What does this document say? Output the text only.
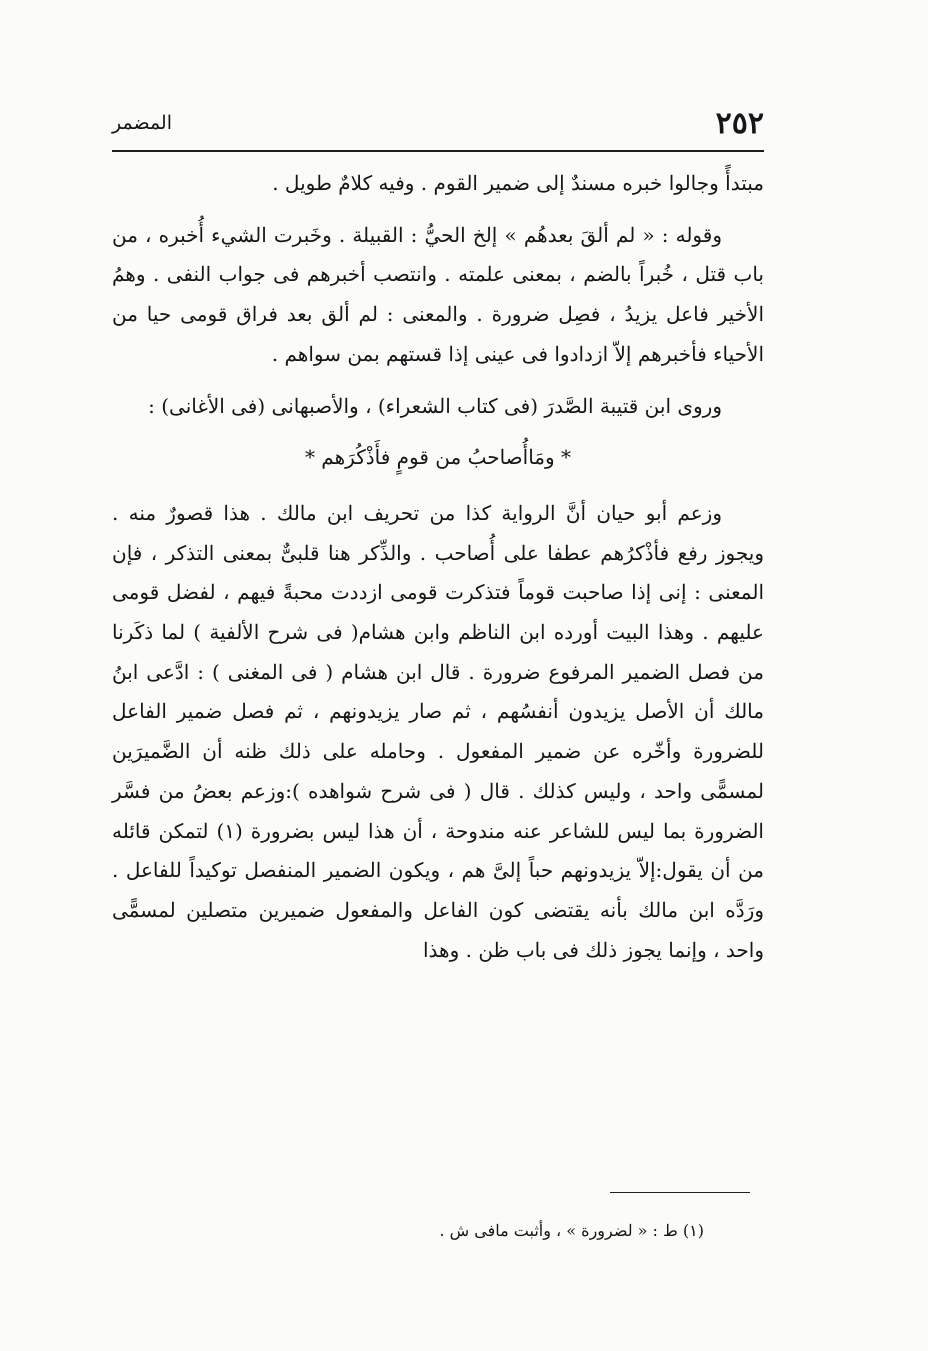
٢٥٢
المضمر

مبتدأً وجالوا خبره مسندٌ إلى ضمير القوم . وفيه كلامٌ طويل .

وقوله : « لم ألقَ بعدهُم » إلخ الحيُّ : القبيلة . وخَبرت الشيء أُخبره ، من باب قتل ، خُبراً بالضم ، بمعنى علمته . وانتصب أخبرهم فى جواب النفى . وهمُ الأخير فاعل يزيدُ ، فصِل ضرورة . والمعنى : لم ألق بعد فراق قومى حيا من الأحياء فأخبرهم إلاّ ازدادوا فى عينى إذا قستهم بمن سواهم .

وروى ابن قتيبة الصَّدرَ (فى كتاب الشعراء) ، والأصبهانى (فى الأغانى) :

* ومَاأُصاحبُ من قومٍ فأَذْكُرَهم *

وزعم أبو حيان أنَّ الرواية كذا من تحريف ابن مالك . هذا قصورٌ منه . ويجوز رفع فأذْكرُهم عطفا على أُصاحب . والذِّكر هنا قلبىٌّ بمعنى التذكر ، فإن المعنى : إنى إذا صاحبت قوماً فتذكرت قومى ازددت محبةً فيهم ، لفضل قومى عليهم . وهذا البيت أورده ابن الناظم وابن هشام( فى شرح الألفية ) لما ذكَرنا من فصل الضمير المرفوع ضرورة . قال ابن هشام ( فى المغنى ) : ادَّعى ابنُ مالك أن الأصل يزيدون أنفسُهم ، ثم صار يزيدونهم ، ثم فصل ضمير الفاعل للضرورة وأخّره عن ضمير المفعول . وحامله على ذلك ظنه أن الضَّميرَين لمسمًّى واحد ، وليس كذلك . قال ( فى شرح شواهده ):وزعم بعضُ من فسَّر الضرورة بما ليس للشاعر عنه مندوحة ، أن هذا ليس بضرورة (١) لتمكن قائله من أن يقول:إلاّ يزيدونهم حباً إلىَّ هم ، ويكون الضمير المنفصل توكيداً للفاعل . ورَدَّه ابن مالك بأنه يقتضى كون الفاعل والمفعول ضميرين متصلين لمسمًّى واحد ، وإنما يجوز ذلك فى باب ظن . وهذا

(١) ط : « لضرورة » ، وأثبت مافى ش .
